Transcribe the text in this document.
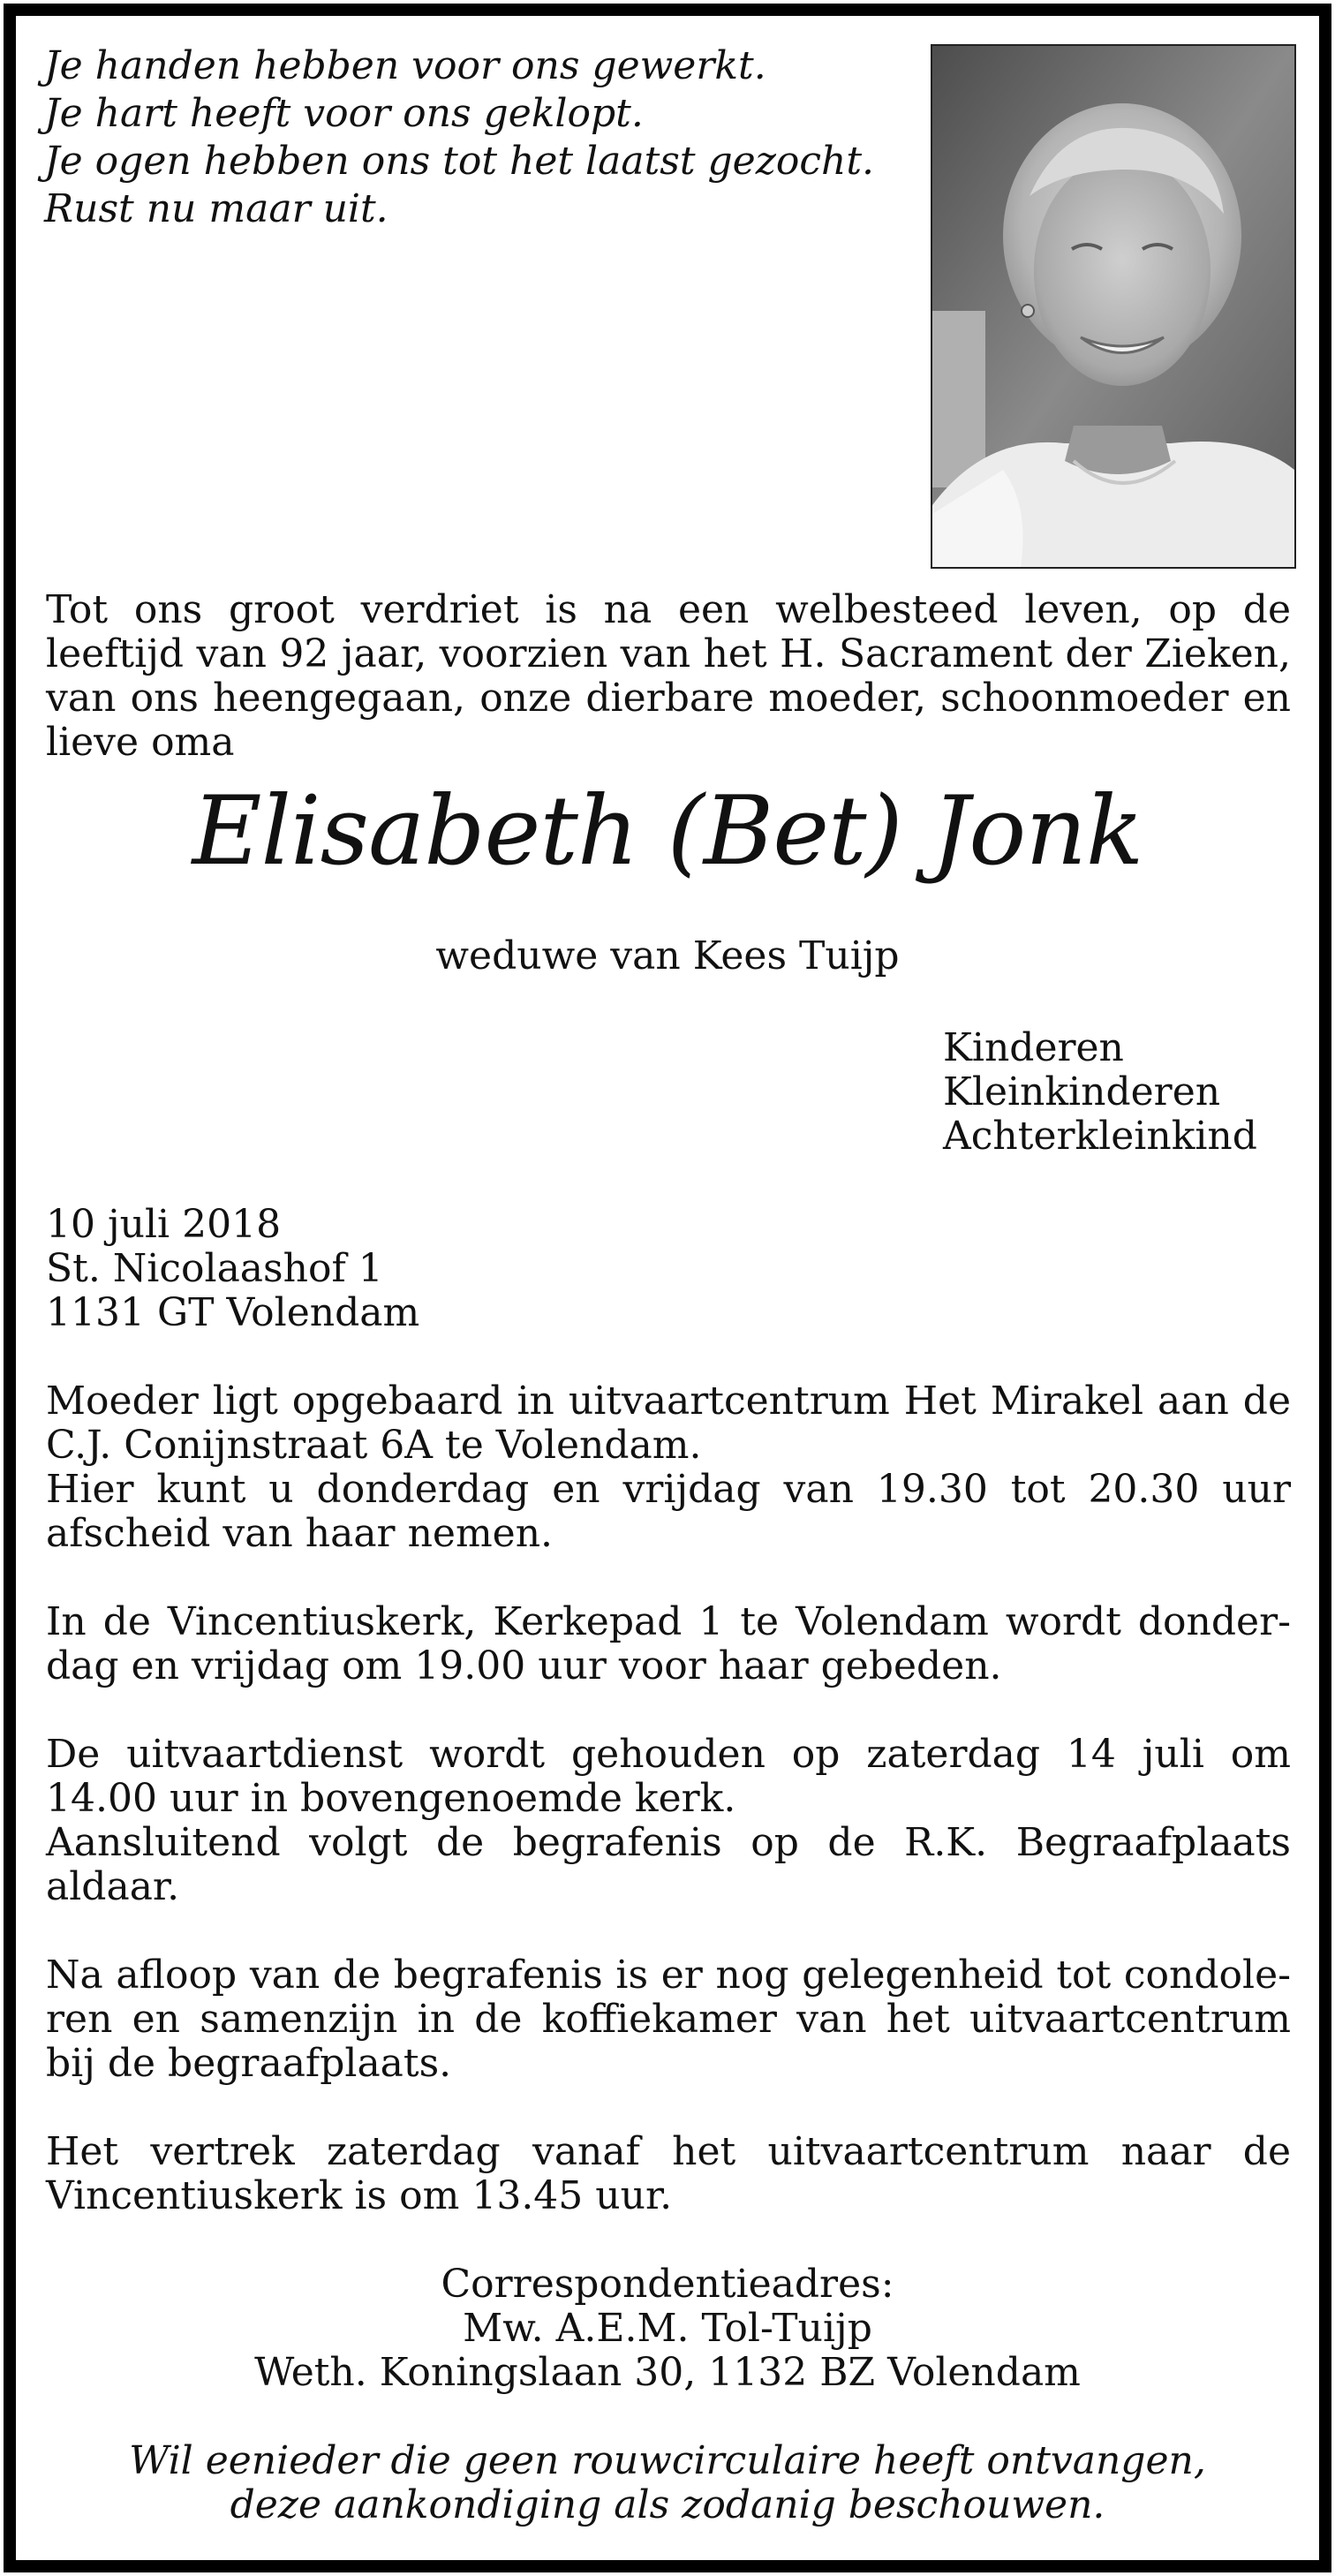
Je handen hebben voor ons gewerkt.
Je hart heeft voor ons geklopt.
Je ogen hebben ons tot het laatst gezocht.
Rust nu maar uit.
Tot ons groot verdriet is na een welbesteed leven, op de leeftijd van 92 jaar, voorzien van het H. Sacrament der Zieken, van ons heengegaan, onze dierbare moeder, schoonmoeder en lieve oma
Elisabeth (Bet) Jonk
weduwe van Kees Tuijp
Kinderen
Kleinkinderen
Achterkleinkind
10 juli 2018
St. Nicolaashof 1
1131 GT Volendam
Moeder ligt opgebaard in uitvaartcentrum Het Mirakel aan de C.J. Conijnstraat 6A te Volendam.
Hier kunt u donderdag en vrijdag van 19.30 tot 20.30 uur afscheid van haar nemen.
In de Vincentiuskerk, Kerkepad 1 te Volendam wordt donderdag en vrijdag om 19.00 uur voor haar gebeden.
De uitvaartdienst wordt gehouden op zaterdag 14 juli om 14.00 uur in bovengenoemde kerk.
Aansluitend volgt de begrafenis op de R.K. Begraafplaats aldaar.
Na afloop van de begrafenis is er nog gelegenheid tot condoleren en samenzijn in de koffiekamer van het uitvaartcentrum bij de begraafplaats.
Het vertrek zaterdag vanaf het uitvaartcentrum naar de Vincentiuskerk is om 13.45 uur.
Correspondentieadres:
Mw. A.E.M. Tol-Tuijp
Weth. Koningslaan 30, 1132 BZ Volendam
Wil eenieder die geen rouwcirculaire heeft ontvangen,
deze aankondiging als zodanig beschouwen.
